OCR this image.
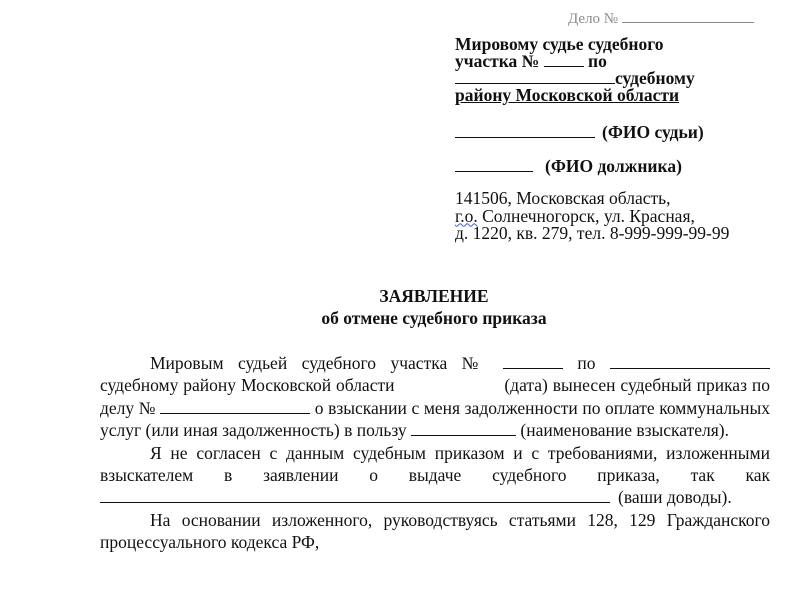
Дело №
Мировому судье судебного
участка №	по
судебному
району Московской области
(ФИО судьи)
(ФИО должника)
141506, Московская область,
г.о. Солнечногорск, ул. Красная,
д. 1220, кв. 279, тел. 8-999-999-99-99
ЗАЯВЛЕНИЕ
об отмене судебного приказа

Мировым судьей судебного участка №	по  судебному району Московской области	(дата) вынесен судебный приказ по делу №	о взыскании с меня задолженности по оплате коммунальных услуг (или иная задолженность) в пользу	(наименование взыскателя).

Я не согласен с данным судебным приказом и с требованиями, изложенными взыскателем в заявлении о выдаче судебного приказа, так как (ваши доводы).

На основании изложенного, руководствуясь статьями 128, 129 Гражданского процессуального кодекса РФ,
